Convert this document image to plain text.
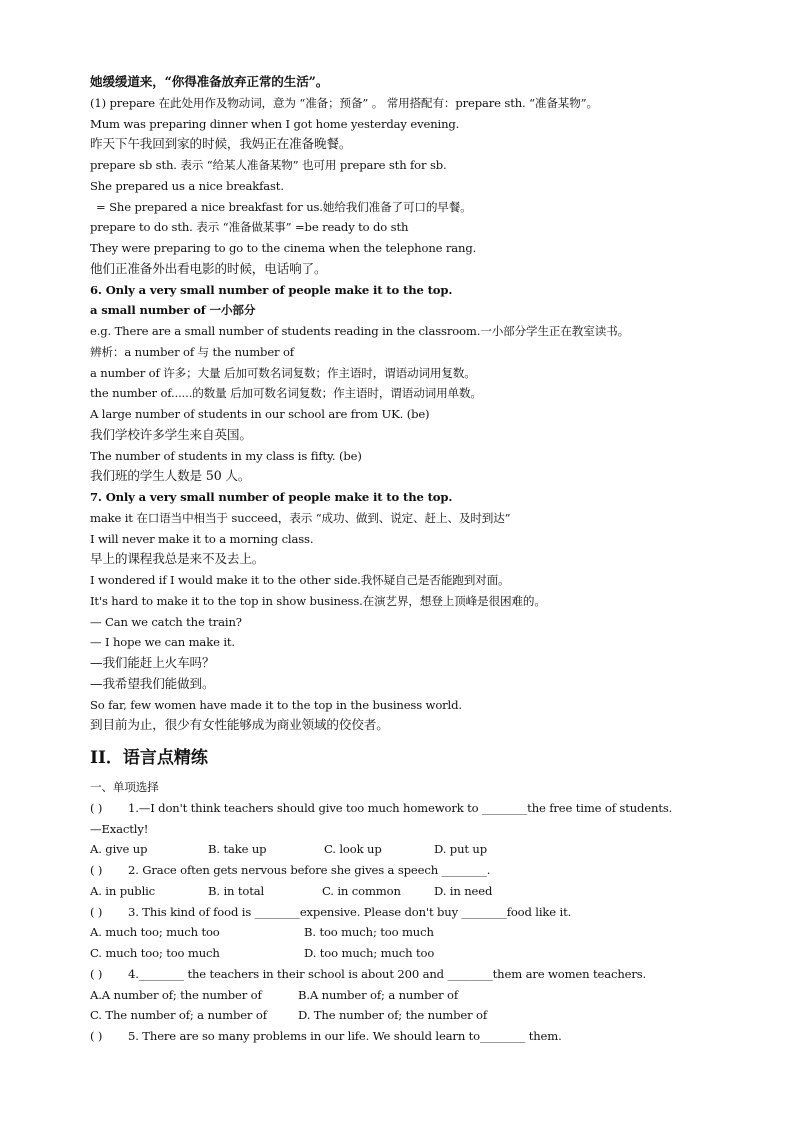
她缓缓道来，“你得准备放弃正常的生活”。
(1) prepare 在此处用作及物动词，意为 “准备；预备” 。 常用搭配有：prepare sth. “准备某物”。
Mum was preparing dinner when I got home yesterday evening.
昨天下午我回到家的时候，我妈正在准备晚餐。
prepare sb sth. 表示 “给某人准备某物” 也可用 prepare sth for sb.
She prepared us a nice breakfast.
= She prepared a nice breakfast for us.她给我们准备了可口的早餐。
prepare to do sth. 表示 “准备做某事” =be ready to do sth
They were preparing to go to the cinema when the telephone rang.
他们正准备外出看电影的时候，电话响了。
6. Only a very small number of people make it to the top.
a small number of 一小部分
e.g. There are a small number of students reading in the classroom.一小部分学生正在教室读书。
辨析：a number of 与 the number of
a number of 许多；大量 后加可数名词复数；作主语时，谓语动词用复数。
the number of......的数量 后加可数名词复数；作主语时，谓语动词用单数。
A large number of students in our school are from UK. (be)
我们学校许多学生来自英国。
The number of students in my class is fifty. (be)
我们班的学生人数是 50 人。
7. Only a very small number of people make it to the top.
make it 在口语当中相当于 succeed，表示 “成功、做到、说定、赶上、及时到达”
I will never make it to a morning class.
早上的课程我总是来不及去上。
I wondered if I would make it to the other side.我怀疑自己是否能跑到对面。
It's hard to make it to the top in show business.在演艺界，想登上顶峰是很困难的。
— Can we catch the train?
— I hope we can make it.
—我们能赶上火车吗？
—我希望我们能做到。
So far, few women have made it to the top in the business world.
到目前为止，很少有女性能够成为商业领域的佼佼者。
II．语言点精练
一、单项选择
( ) 1.—I don't think teachers should give too much homework to ________the free time of students.
—Exactly!
A. give up	B. take up	C. look up	D. put up
( ) 2. Grace often gets nervous before she gives a speech ________.
A. in public	B. in total	C. in common	D. in need
( ) 3. This kind of food is ________expensive. Please don't buy ________food like it.
A. much too; much too	B. too much; too much
C. much too; too much	D. too much; much too
( ) 4.________ the teachers in their school is about 200 and ________them are women teachers.
A.A number of; the number of	B.A number of; a number of
C. The number of; a number of	D. The number of; the number of
( ) 5. There are so many problems in our life. We should learn to________ them.
